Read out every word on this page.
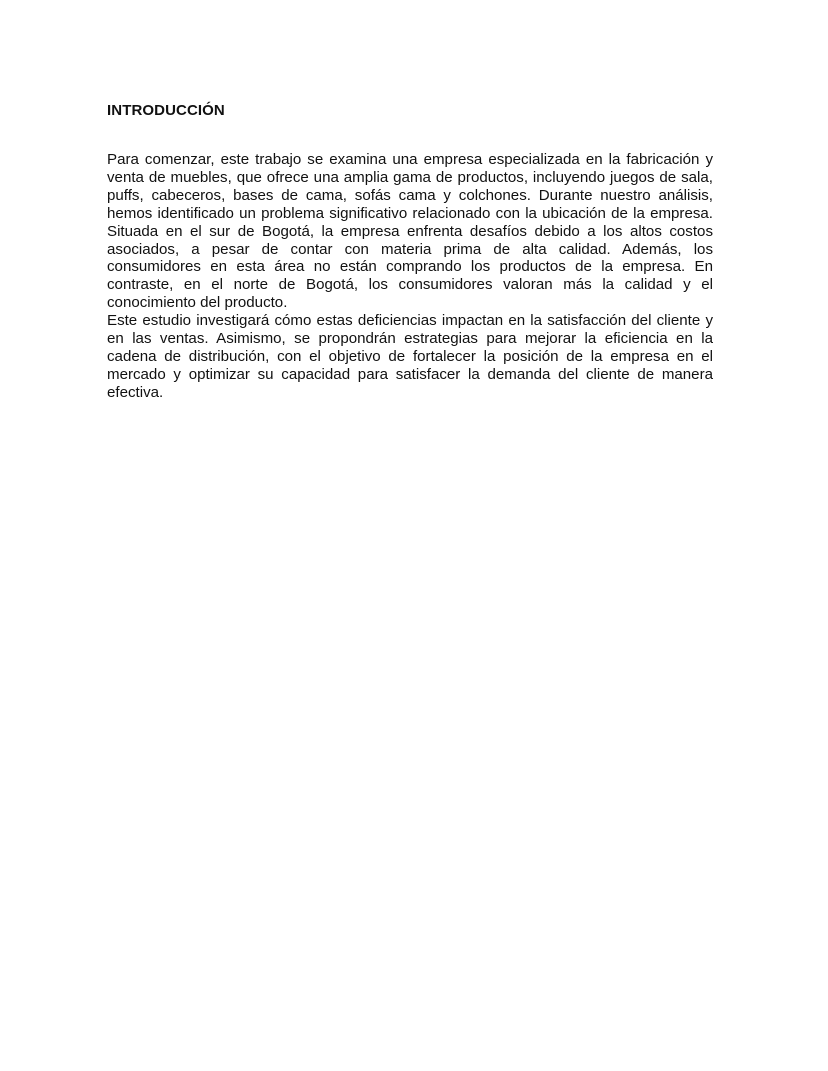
INTRODUCCIÓN

Para comenzar, este trabajo se examina una empresa especializada en la fabricación y venta de muebles, que ofrece una amplia gama de productos, incluyendo juegos de sala, puffs, cabeceros, bases de cama, sofás cama y colchones. Durante nuestro análisis, hemos identificado un problema significativo relacionado con la ubicación de la empresa. Situada en el sur de Bogotá, la empresa enfrenta desafíos debido a los altos costos asociados, a pesar de contar con materia prima de alta calidad. Además, los consumidores en esta área no están comprando los productos de la empresa. En contraste, en el norte de Bogotá, los consumidores valoran más la calidad y el conocimiento del producto.

Este estudio investigará cómo estas deficiencias impactan en la satisfacción del cliente y en las ventas. Asimismo, se propondrán estrategias para mejorar la eficiencia en la cadena de distribución, con el objetivo de fortalecer la posición de la empresa en el mercado y optimizar su capacidad para satisfacer la demanda del cliente de manera efectiva.
